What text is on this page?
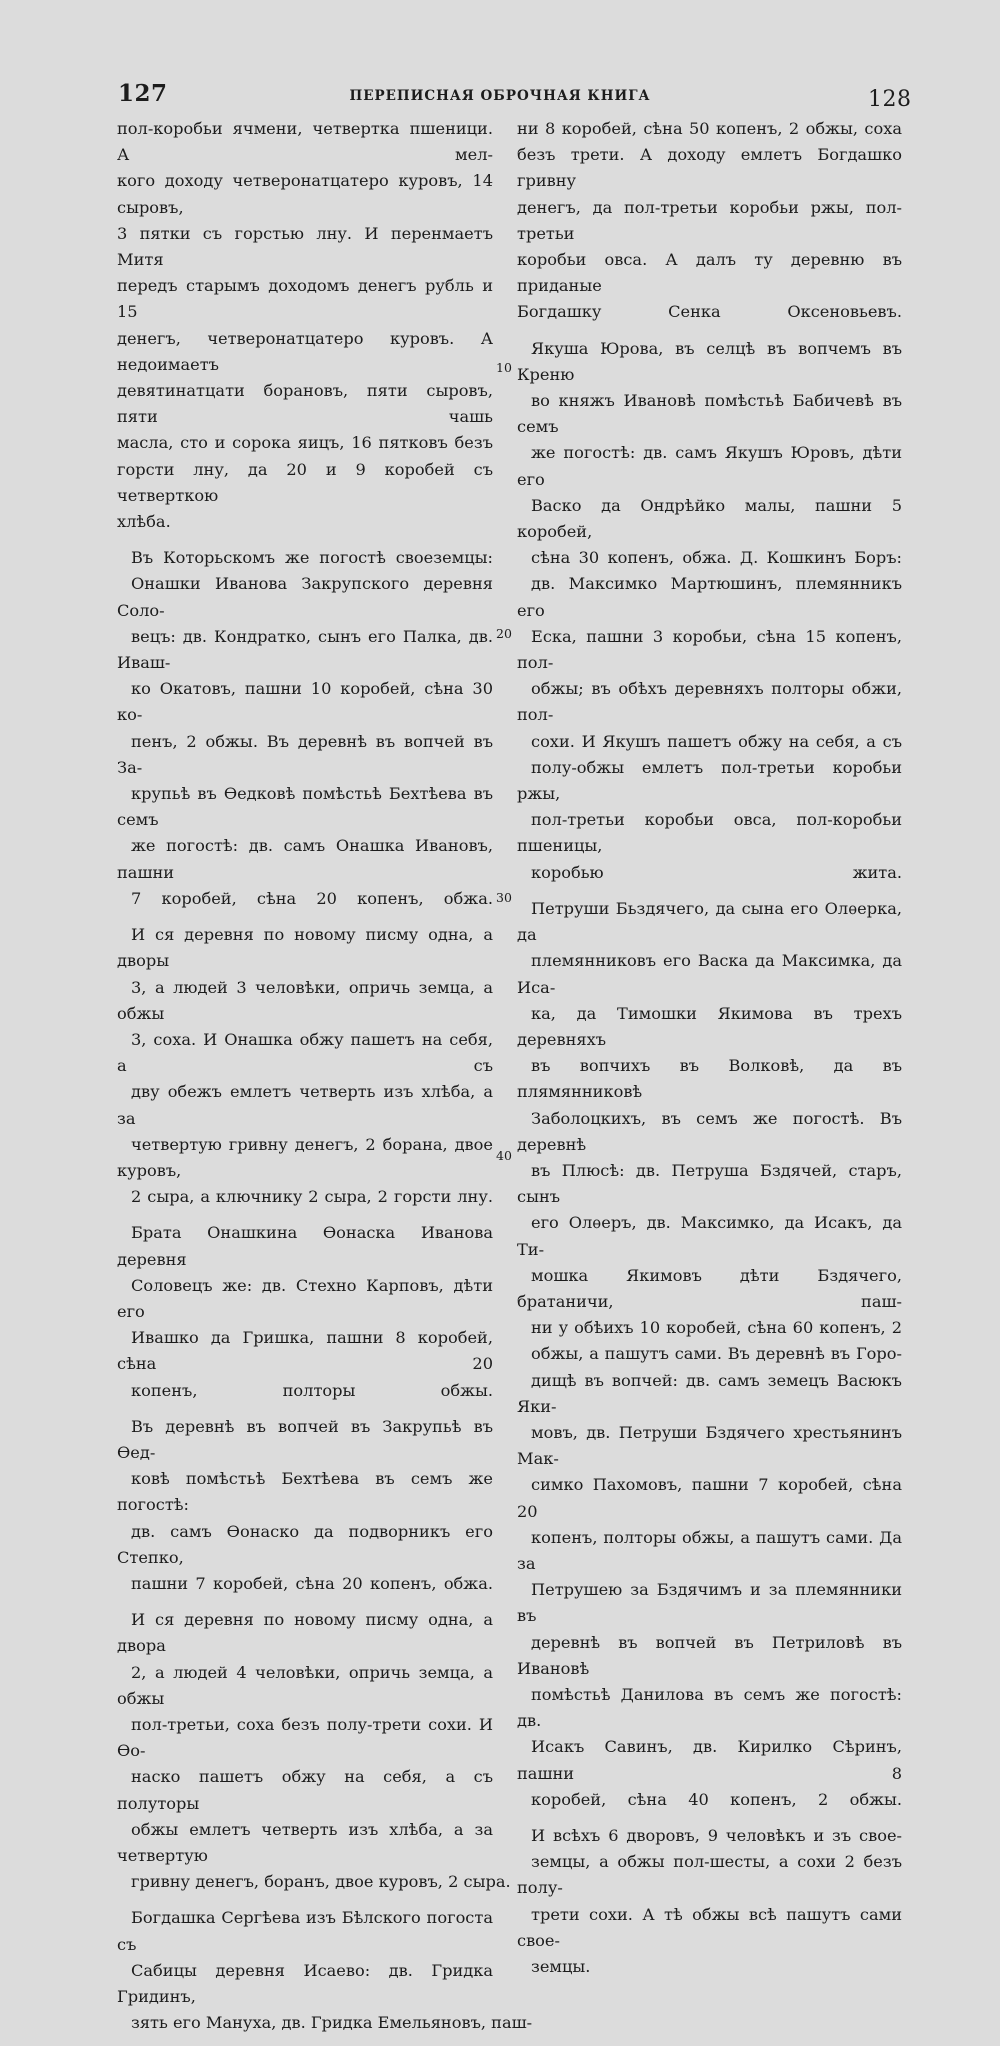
127	ПЕРЕПИСНАЯ ОБРОЧНАЯ КНИГА	128

пол-коробьи ячмени, четвертка пшеници. А мел-
кого доходу четверонатцатеро куровъ, 14 сыровъ,
3 пятки съ горстью лну. И перенмаетъ Митя
передъ старымъ доходомъ денегъ рубль и 15
денегъ, четверонатцатеро куровъ. А недоимаетъ
девятинатцати борановъ, пяти сыровъ, пяти чашь
масла, сто и сорока яицъ, 16 пятковъ безъ
горсти лну, да 20 и 9 коробей съ четверткою
хлѣба.

Въ Которьскомъ же погостѣ своеземцы:
Онашки Иванова Закрупского деревня Соло-
вецъ: дв. Кондратко, сынъ его Палка, дв. Иваш-
ко Окатовъ, пашни 10 коробей, сѣна 30 ко-
пенъ, 2 обжы. Въ деревнѣ въ вопчей въ За-
крупьѣ въ Ѳедковѣ помѣстьѣ Бехтѣева въ семъ
же погостѣ: дв. самъ Онашка Ивановъ, пашни
7 коробей, сѣна 20 копенъ, обжа.

И ся деревня по новому писму одна, а дворы
3, а людей 3 человѣки, опричь земца, а обжы
3, соха. И Онашка обжу пашетъ на себя, а съ
дву обежъ емлетъ четверть изъ хлѣба, а за
четвертую гривну денегъ, 2 борана, двое куровъ,
2 сыра, а ключнику 2 сыра, 2 горсти лну.

Брата Онашкина Ѳонаска Иванова деревня
Соловецъ же: дв. Стехно Карповъ, дѣти его
Ивашко да Гришка, пашни 8 коробей, сѣна 20
копенъ, полторы обжы.

Въ деревнѣ въ вопчей въ Закрупьѣ въ Ѳед-
ковѣ помѣстьѣ Бехтѣева въ семъ же погостѣ:
дв. самъ Ѳонаско да подворникъ его Степко,
пашни 7 коробей, сѣна 20 копенъ, обжа.

И ся деревня по новому писму одна, а двора
2, а людей 4 человѣки, опричь земца, а обжы
пол-третьи, соха безъ полу-трети сохи. И Ѳо-
наско пашетъ обжу на себя, а съ полуторы
обжы емлетъ четверть изъ хлѣба, а за четвертую
гривну денегъ, боранъ, двое куровъ, 2 сыра.

Богдашка Сергѣева изъ Бѣлского погоста съ
Сабицы деревня Исаево: дв. Гридка Гридинъ,
зять его Мануха, дв. Гридка Емельяновъ, паш-

ни 8 коробей, сѣна 50 копенъ, 2 обжы, соха
безъ трети. А доходу емлетъ Богдашко гривну
денегъ, да пол-третьи коробьи ржы, пол-третьи
коробьи овса. А далъ ту деревню въ приданые
Богдашку Сенка Оксеновьевъ.

Якуша Юрова, въ селцѣ въ вопчемъ въ Креню
во княжъ Ивановѣ помѣстьѣ Бабичевѣ въ семъ
же погостѣ: дв. самъ Якушъ Юровъ, дѣти его
Васко да Ондрѣйко малы, пашни 5 коробей,
сѣна 30 копенъ, обжа. Д. Кошкинъ Боръ:
дв. Максимко Мартюшинъ, племянникъ его
Еска, пашни 3 коробьи, сѣна 15 копенъ, пол-
обжы; въ обѣхъ деревняхъ полторы обжи, пол-
сохи. И Якушъ пашетъ обжу на себя, а съ
полу-обжы емлетъ пол-третьи коробьи ржы,
пол-третьи коробьи овса, пол-коробьи пшеницы,
коробью жита.

Петруши Бьздячего, да сына его Олѳерка, да
племянниковъ его Васка да Максимка, да Иса-
ка, да Тимошки Якимова въ трехъ деревняхъ
въ вопчихъ въ Волковѣ, да въ плямянниковѣ
Заболоцкихъ, въ семъ же погостѣ. Въ деревнѣ
въ Плюсѣ: дв. Петруша Бздячей, старъ, сынъ
его Олѳеръ, дв. Максимко, да Исакъ, да Ти-
мошка Якимовъ дѣти Бздячего, братаничи, паш-
ни у обѣихъ 10 коробей, сѣна 60 копенъ, 2
обжы, а пашутъ сами. Въ деревнѣ въ Горо-
дищѣ въ вопчей: дв. самъ земецъ Васюкъ Яки-
мовъ, дв. Петруши Бздячего хрестьянинъ Мак-
симко Пахомовъ, пашни 7 коробей, сѣна 20
копенъ, полторы обжы, а пашутъ сами. Да за
Петрушею за Бздячимъ и за племянники въ
деревнѣ въ вопчей въ Петриловѣ въ Ивановѣ
помѣстьѣ Данилова въ семъ же погостѣ: дв.
Исакъ Савинъ, дв. Кирилко Сѣринъ, пашни 8
коробей, сѣна 40 копенъ, 2 обжы.

И всѣхъ 6 дворовъ, 9 человѣкъ и зъ свое-
земцы, а обжы пол-шесты, а сохи 2 безъ полу-
трети сохи. А тѣ обжы всѣ пашутъ сами свое-
земцы.

10
20
30
40
